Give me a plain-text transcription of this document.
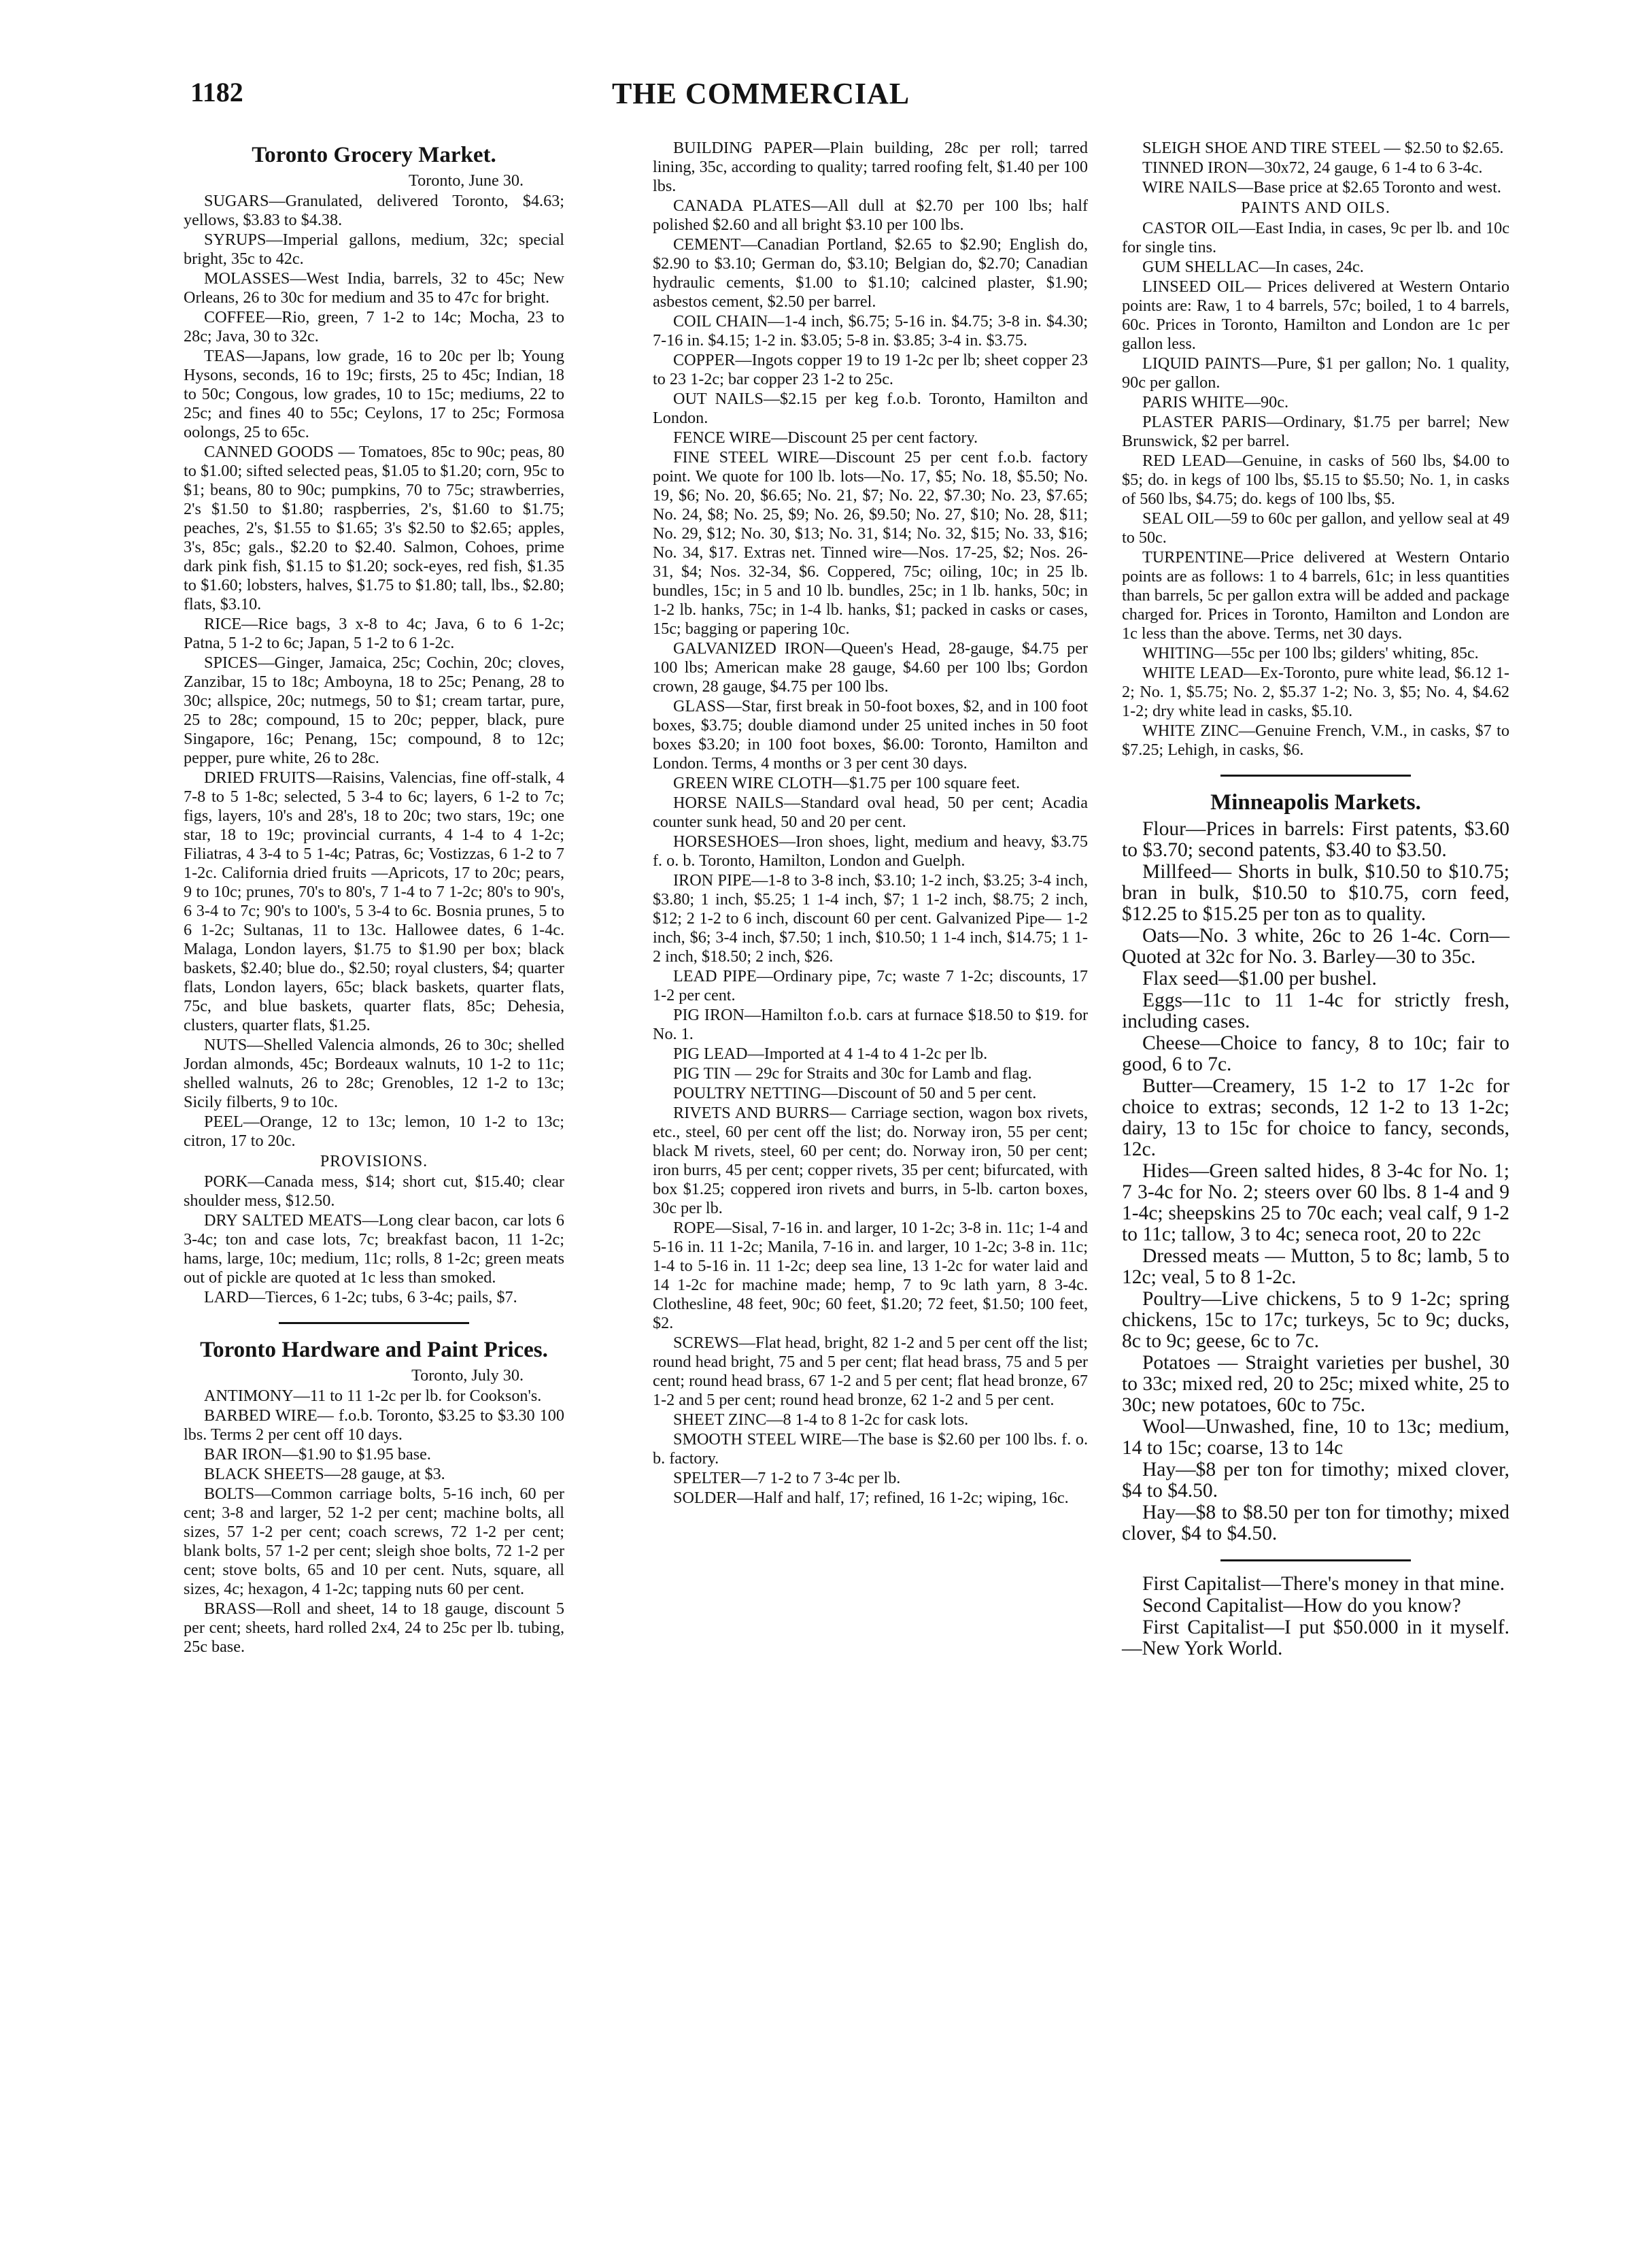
1182	THE COMMERCIAL
Toronto Grocery Market.
Toronto, June 30.

SUGARS—Granulated, delivered Toronto, $4.63; yellows, $3.83 to $4.38.

SYRUPS—Imperial gallons, medium, 32c; special bright, 35c to 42c.

MOLASSES—West India, barrels, 32 to 45c; New Orleans, 26 to 30c for medium and 35 to 47c for bright.

COFFEE—Rio, green, 7 1-2 to 14c; Mocha, 23 to 28c; Java, 30 to 32c.

TEAS—Japans, low grade, 16 to 20c per lb; Young Hysons, seconds, 16 to 19c; firsts, 25 to 45c; Indian, 18 to 50c; Congous, low grades, 10 to 15c; mediums, 22 to 25c; and fines 40 to 55c; Ceylons, 17 to 25c; Formosa oolongs, 25 to 65c.

CANNED GOODS — Tomatoes, 85c to 90c; peas, 80 to $1.00; sifted selected peas, $1.05 to $1.20; corn, 95c to $1; beans, 80 to 90c; pumpkins, 70 to 75c; strawberries, 2's $1.50 to $1.80; raspberries, 2's, $1.60 to $1.75; peaches, 2's, $1.55 to $1.65; 3's $2.50 to $2.65; apples, 3's, 85c; gals., $2.20 to $2.40. Salmon, Cohoes, prime dark pink fish, $1.15 to $1.20; sock-eyes, red fish, $1.35 to $1.60; lobsters, halves, $1.75 to $1.80; tall, lbs., $2.80; flats, $3.10.

RICE—Rice bags, 3 x-8 to 4c; Java, 6 to 6 1-2c; Patna, 5 1-2 to 6c; Japan, 5 1-2 to 6 1-2c.

SPICES—Ginger, Jamaica, 25c; Cochin, 20c; cloves, Zanzibar, 15 to 18c; Amboyna, 18 to 25c; Penang, 28 to 30c; allspice, 20c; nutmegs, 50 to $1; cream tartar, pure, 25 to 28c; compound, 15 to 20c; pepper, black, pure Singapore, 16c; Penang, 15c; compound, 8 to 12c; pepper, pure white, 26 to 28c.

DRIED FRUITS—Raisins, Valencias, fine off-stalk, 4 7-8 to 5 1-8c; selected, 5 3-4 to 6c; layers, 6 1-2 to 7c; figs, layers, 10's and 28's, 18 to 20c; two stars, 19c; one star, 18 to 19c; provincial currants, 4 1-4 to 4 1-2c; Filiatras, 4 3-4 to 5 1-4c; Patras, 6c; Vostizzas, 6 1-2 to 7 1-2c. California dried fruits —Apricots, 17 to 20c; pears, 9 to 10c; prunes, 70's to 80's, 7 1-4 to 7 1-2c; 80's to 90's, 6 3-4 to 7c; 90's to 100's, 5 3-4 to 6c. Bosnia prunes, 5 to 6 1-2c; Sultanas, 11 to 13c. Hallowee dates, 6 1-4c. Malaga, London layers, $1.75 to $1.90 per box; black baskets, $2.40; blue do., $2.50; royal clusters, $4; quarter flats, London layers, 65c; black baskets, quarter flats, 75c, and blue baskets, quarter flats, 85c; Dehesia, clusters, quarter flats, $1.25.

NUTS—Shelled Valencia almonds, 26 to 30c; shelled Jordan almonds, 45c; Bordeaux walnuts, 10 1-2 to 11c; shelled walnuts, 26 to 28c; Grenobles, 12 1-2 to 13c; Sicily filberts, 9 to 10c.

PEEL—Orange, 12 to 13c; lemon, 10 1-2 to 13c; citron, 17 to 20c.

PROVISIONS.

PORK—Canada mess, $14; short cut, $15.40; clear shoulder mess, $12.50.

DRY SALTED MEATS—Long clear bacon, car lots 6 3-4c; ton and case lots, 7c; breakfast bacon, 11 1-2c; hams, large, 10c; medium, 11c; rolls, 8 1-2c; green meats out of pickle are quoted at 1c less than smoked.

LARD—Tierces, 6 1-2c; tubs, 6 3-4c; pails, $7.

Toronto Hardware and Paint Prices.
Toronto, July 30.

ANTIMONY—11 to 11 1-2c per lb. for Cookson's.

BARBED WIRE— f.o.b. Toronto, $3.25 to $3.30 100 lbs. Terms 2 per cent off 10 days.

BAR IRON—$1.90 to $1.95 base.

BLACK SHEETS—28 gauge, at $3.

BOLTS—Common carriage bolts, 5-16 inch, 60 per cent; 3-8 and larger, 52 1-2 per cent; machine bolts, all sizes, 57 1-2 per cent; coach screws, 72 1-2 per cent; blank bolts, 57 1-2 per cent; sleigh shoe bolts, 72 1-2 per cent; stove bolts, 65 and 10 per cent. Nuts, square, all sizes, 4c; hexagon, 4 1-2c; tapping nuts 60 per cent.

BRASS—Roll and sheet, 14 to 18 gauge, discount 5 per cent; sheets, hard rolled 2x4, 24 to 25c per lb. tubing, 25c base.

BUILDING PAPER—Plain building, 28c per roll; tarred lining, 35c, according to quality; tarred roofing felt, $1.40 per 100 lbs.

CANADA PLATES—All dull at $2.70 per 100 lbs; half polished $2.60 and all bright $3.10 per 100 lbs.

CEMENT—Canadian Portland, $2.65 to $2.90; English do, $2.90 to $3.10; German do, $3.10; Belgian do, $2.70; Canadian hydraulic cements, $1.00 to $1.10; calcined plaster, $1.90; asbestos cement, $2.50 per barrel.

COIL CHAIN—1-4 inch, $6.75; 5-16 in. $4.75; 3-8 in. $4.30; 7-16 in. $4.15; 1-2 in. $3.05; 5-8 in. $3.85; 3-4 in. $3.75.

COPPER—Ingots copper 19 to 19 1-2c per lb; sheet copper 23 to 23 1-2c; bar copper 23 1-2 to 25c.

OUT NAILS—$2.15 per keg f.o.b. Toronto, Hamilton and London.

FENCE WIRE—Discount 25 per cent factory.

FINE STEEL WIRE—Discount 25 per cent f.o.b. factory point. We quote for 100 lb. lots—No. 17, $5; No. 18, $5.50; No. 19, $6; No. 20, $6.65; No. 21, $7; No. 22, $7.30; No. 23, $7.65; No. 24, $8; No. 25, $9; No. 26, $9.50; No. 27, $10; No. 28, $11; No. 29, $12; No. 30, $13; No. 31, $14; No. 32, $15; No. 33, $16; No. 34, $17. Extras net. Tinned wire—Nos. 17-25, $2; Nos. 26-31, $4; Nos. 32-34, $6. Coppered, 75c; oiling, 10c; in 25 lb. bundles, 15c; in 5 and 10 lb. bundles, 25c; in 1 lb. hanks, 50c; in 1-2 lb. hanks, 75c; in 1-4 lb. hanks, $1; packed in casks or cases, 15c; bagging or papering 10c.

GALVANIZED IRON—Queen's Head, 28-gauge, $4.75 per 100 lbs; American make 28 gauge, $4.60 per 100 lbs; Gordon crown, 28 gauge, $4.75 per 100 lbs.

GLASS—Star, first break in 50-foot boxes, $2, and in 100 foot boxes, $3.75; double diamond under 25 united inches in 50 foot boxes $3.20; in 100 foot boxes, $6.00: Toronto, Hamilton and London. Terms, 4 months or 3 per cent 30 days.

GREEN WIRE CLOTH—$1.75 per 100 square feet.

HORSE NAILS—Standard oval head, 50 per cent; Acadia counter sunk head, 50 and 20 per cent.

HORSESHOES—Iron shoes, light, medium and heavy, $3.75 f. o. b. Toronto, Hamilton, London and Guelph.

IRON PIPE—1-8 to 3-8 inch, $3.10; 1-2 inch, $3.25; 3-4 inch, $3.80; 1 inch, $5.25; 1 1-4 inch, $7; 1 1-2 inch, $8.75; 2 inch, $12; 2 1-2 to 6 inch, discount 60 per cent. Galvanized Pipe— 1-2 inch, $6; 3-4 inch, $7.50; 1 inch, $10.50; 1 1-4 inch, $14.75; 1 1-2 inch, $18.50; 2 inch, $26.

LEAD PIPE—Ordinary pipe, 7c; waste 7 1-2c; discounts, 17 1-2 per cent.

PIG IRON—Hamilton f.o.b. cars at furnace $18.50 to $19. for No. 1.

PIG LEAD—Imported at 4 1-4 to 4 1-2c per lb.

PIG TIN — 29c for Straits and 30c for Lamb and flag.

POULTRY NETTING—Discount of 50 and 5 per cent.

RIVETS AND BURRS— Carriage section, wagon box rivets, etc., steel, 60 per cent off the list; do. Norway iron, 55 per cent; black M rivets, steel, 60 per cent; do. Norway iron, 50 per cent; iron burrs, 45 per cent; copper rivets, 35 per cent; bifurcated, with box $1.25; coppered iron rivets and burrs, in 5-lb. carton boxes, 30c per lb.

ROPE—Sisal, 7-16 in. and larger, 10 1-2c; 3-8 in. 11c; 1-4 and 5-16 in. 11 1-2c; Manila, 7-16 in. and larger, 10 1-2c; 3-8 in. 11c; 1-4 to 5-16 in. 11 1-2c; deep sea line, 13 1-2c for water laid and 14 1-2c for machine made; hemp, 7 to 9c lath yarn, 8 3-4c. Clothesline, 48 feet, 90c; 60 feet, $1.20; 72 feet, $1.50; 100 feet, $2.

SCREWS—Flat head, bright, 82 1-2 and 5 per cent off the list; round head bright, 75 and 5 per cent; flat head brass, 75 and 5 per cent; round head brass, 67 1-2 and 5 per cent; flat head bronze, 67 1-2 and 5 per cent; round head bronze, 62 1-2 and 5 per cent.

SHEET ZINC—8 1-4 to 8 1-2c for cask lots.

SMOOTH STEEL WIRE—The base is $2.60 per 100 lbs. f. o. b. factory.

SPELTER—7 1-2 to 7 3-4c per lb.

SOLDER—Half and half, 17; refined, 16 1-2c; wiping, 16c.

SLEIGH SHOE AND TIRE STEEL — $2.50 to $2.65.

TINNED IRON—30x72, 24 gauge, 6 1-4 to 6 3-4c.

WIRE NAILS—Base price at $2.65 Toronto and west.

PAINTS AND OILS.

CASTOR OIL—East India, in cases, 9c per lb. and 10c for single tins.

GUM SHELLAC—In cases, 24c.

LINSEED OIL— Prices delivered at Western Ontario points are: Raw, 1 to 4 barrels, 57c; boiled, 1 to 4 barrels, 60c. Prices in Toronto, Hamilton and London are 1c per gallon less.

LIQUID PAINTS—Pure, $1 per gallon; No. 1 quality, 90c per gallon.

PARIS WHITE—90c.

PLASTER PARIS—Ordinary, $1.75 per barrel; New Brunswick, $2 per barrel.

RED LEAD—Genuine, in casks of 560 lbs, $4.00 to $5; do. in kegs of 100 lbs, $5.15 to $5.50; No. 1, in casks of 560 lbs, $4.75; do. kegs of 100 lbs, $5.

SEAL OIL—59 to 60c per gallon, and yellow seal at 49 to 50c.

TURPENTINE—Price delivered at Western Ontario points are as follows: 1 to 4 barrels, 61c; in less quantities than barrels, 5c per gallon extra will be added and package charged for. Prices in Toronto, Hamilton and London are 1c less than the above. Terms, net 30 days.

WHITING—55c per 100 lbs; gilders' whiting, 85c.

WHITE LEAD—Ex-Toronto, pure white lead, $6.12 1-2; No. 1, $5.75; No. 2, $5.37 1-2; No. 3, $5; No. 4, $4.62 1-2; dry white lead in casks, $5.10.

WHITE ZINC—Genuine French, V.M., in casks, $7 to $7.25; Lehigh, in casks, $6.

Minneapolis Markets.

Flour—Prices in barrels: First patents, $3.60 to $3.70; second patents, $3.40 to $3.50.

Millfeed— Shorts in bulk, $10.50 to $10.75; bran in bulk, $10.50 to $10.75, corn feed, $12.25 to $15.25 per ton as to quality.

Oats—No. 3 white, 26c to 26 1-4c. Corn—Quoted at 32c for No. 3. Barley—30 to 35c.

Flax seed—$1.00 per bushel.

Eggs—11c to 11 1-4c for strictly fresh, including cases.

Cheese—Choice to fancy, 8 to 10c; fair to good, 6 to 7c.

Butter—Creamery, 15 1-2 to 17 1-2c for choice to extras; seconds, 12 1-2 to 13 1-2c; dairy, 13 to 15c for choice to fancy, seconds, 12c.

Hides—Green salted hides, 8 3-4c for No. 1; 7 3-4c for No. 2; steers over 60 lbs. 8 1-4 and 9 1-4c; sheepskins 25 to 70c each; veal calf, 9 1-2 to 11c; tallow, 3 to 4c; seneca root, 20 to 22c

Dressed meats — Mutton, 5 to 8c; lamb, 5 to 12c; veal, 5 to 8 1-2c.

Poultry—Live chickens, 5 to 9 1-2c; spring chickens, 15c to 17c; turkeys, 5c to 9c; ducks, 8c to 9c; geese, 6c to 7c.

Potatoes — Straight varieties per bushel, 30 to 33c; mixed red, 20 to 25c; mixed white, 25 to 30c; new potatoes, 60c to 75c.

Wool—Unwashed, fine, 10 to 13c; medium, 14 to 15c; coarse, 13 to 14c

Hay—$8 per ton for timothy; mixed clover, $4 to $4.50.

Hay—$8 to $8.50 per ton for timothy; mixed clover, $4 to $4.50.

First Capitalist—There's money in that mine.

Second Capitalist—How do you know?

First Capitalist—I put $50.000 in it myself.—New York World.
